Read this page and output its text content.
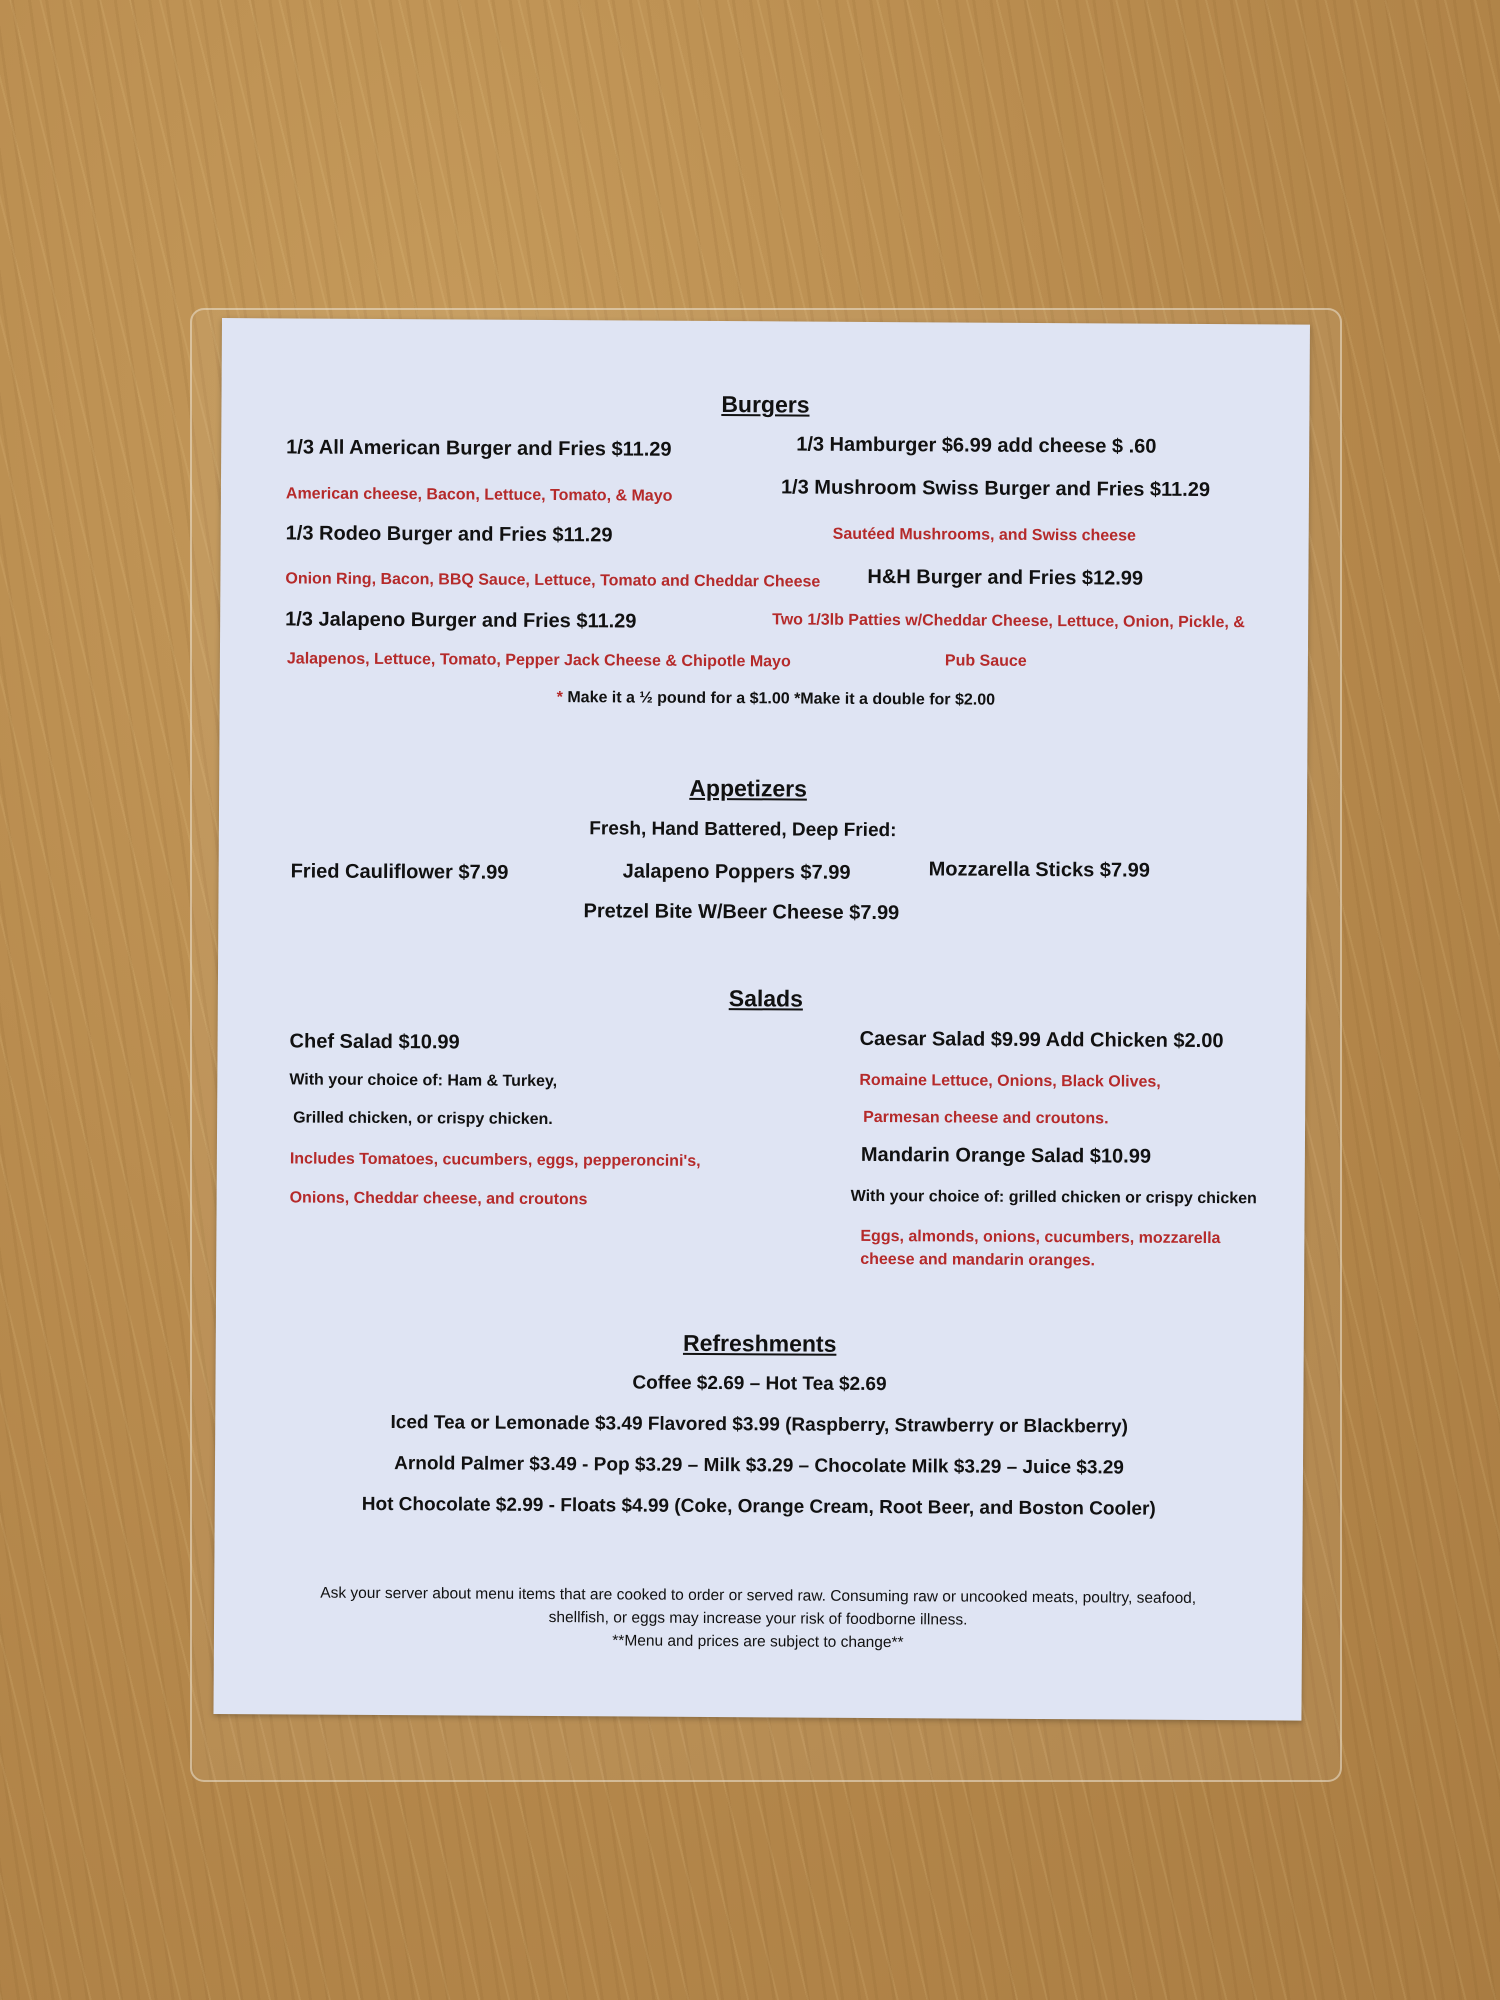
Burgers
1/3 All American Burger and Fries $11.29
American cheese, Bacon, Lettuce, Tomato, & Mayo
1/3 Rodeo Burger and Fries $11.29
Onion Ring, Bacon, BBQ Sauce, Lettuce, Tomato and Cheddar Cheese
1/3 Jalapeno Burger and Fries $11.29
Jalapenos, Lettuce, Tomato, Pepper Jack Cheese & Chipotle Mayo
1/3 Hamburger $6.99 add cheese $ .60
1/3 Mushroom Swiss Burger and Fries $11.29
Sautéed Mushrooms, and Swiss cheese
H&H Burger and Fries $12.99
Two 1/3lb Patties w/Cheddar Cheese, Lettuce, Onion, Pickle, &
Pub Sauce
* Make it a ½ pound for a $1.00 *Make it a double for $2.00
Appetizers
Fresh, Hand Battered, Deep Fried:
Fried Cauliflower $7.99	Jalapeno Poppers $7.99	Mozzarella Sticks $7.99
Pretzel Bite W/Beer Cheese $7.99
Salads
Chef Salad $10.99
With your choice of: Ham & Turkey,
Grilled chicken, or crispy chicken.
Includes Tomatoes, cucumbers, eggs, pepperoncini's,
Onions, Cheddar cheese, and croutons
Caesar Salad $9.99 Add Chicken $2.00
Romaine Lettuce, Onions, Black Olives,
Parmesan cheese and croutons.
Mandarin Orange Salad $10.99
With your choice of: grilled chicken or crispy chicken
Eggs, almonds, onions, cucumbers, mozzarella
cheese and mandarin oranges.
Refreshments
Coffee $2.69 – Hot Tea $2.69
Iced Tea or Lemonade $3.49 Flavored $3.99 (Raspberry, Strawberry or Blackberry)
Arnold Palmer $3.49 - Pop $3.29 – Milk $3.29 – Chocolate Milk $3.29 – Juice $3.29
Hot Chocolate $2.99 - Floats $4.99 (Coke, Orange Cream, Root Beer, and Boston Cooler)
Ask your server about menu items that are cooked to order or served raw. Consuming raw or uncooked meats, poultry, seafood,
shellfish, or eggs may increase your risk of foodborne illness.
**Menu and prices are subject to change**
